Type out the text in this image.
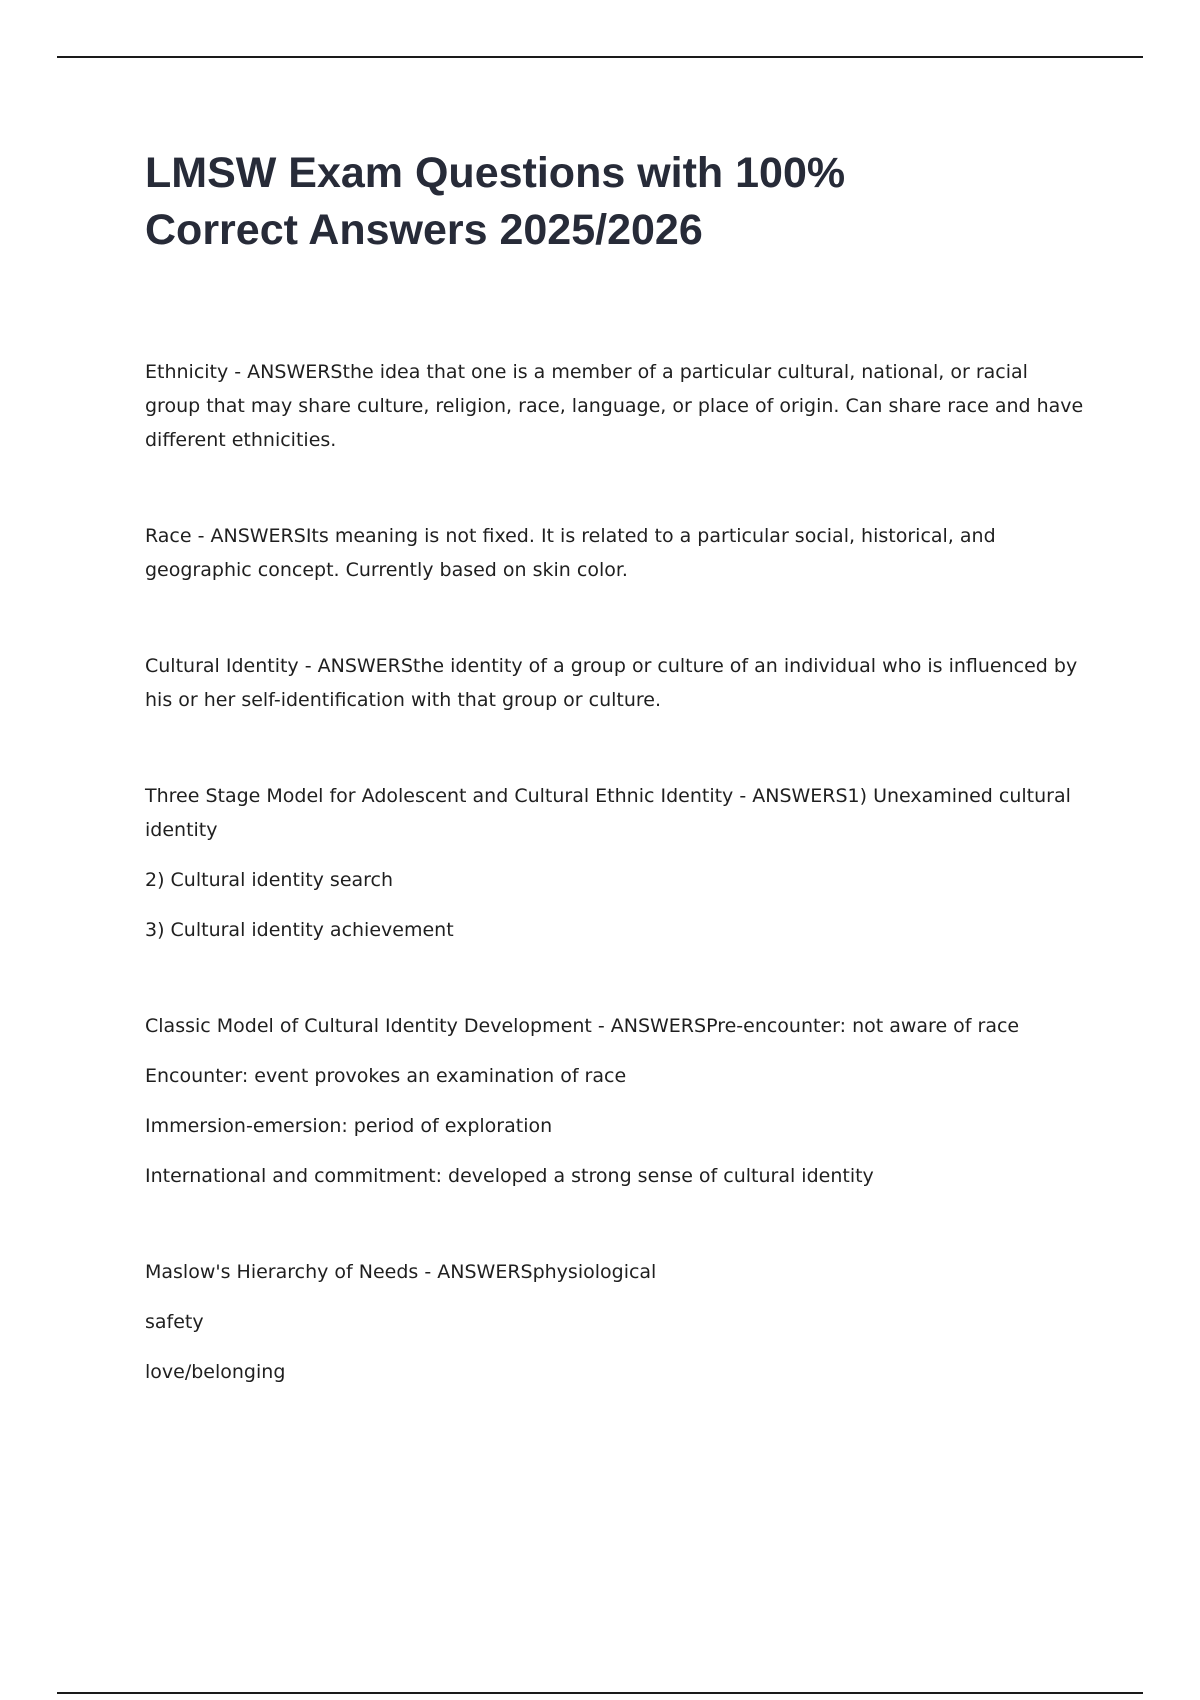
LMSW Exam Questions with 100%
Correct Answers 2025/2026

Ethnicity - ANSWERSthe idea that one is a member of a particular cultural, national, or racial group that may share culture, religion, race, language, or place of origin. Can share race and have different ethnicities.

Race - ANSWERSIts meaning is not fixed. It is related to a particular social, historical, and geographic concept. Currently based on skin color.

Cultural Identity - ANSWERSthe identity of a group or culture of an individual who is influenced by his or her self-identification with that group or culture.

Three Stage Model for Adolescent and Cultural Ethnic Identity - ANSWERS1) Unexamined cultural identity

2) Cultural identity search

3) Cultural identity achievement

Classic Model of Cultural Identity Development - ANSWERSPre-encounter: not aware of race

Encounter: event provokes an examination of race

Immersion-emersion: period of exploration

International and commitment: developed a strong sense of cultural identity

Maslow's Hierarchy of Needs - ANSWERSphysiological

safety

love/belonging
